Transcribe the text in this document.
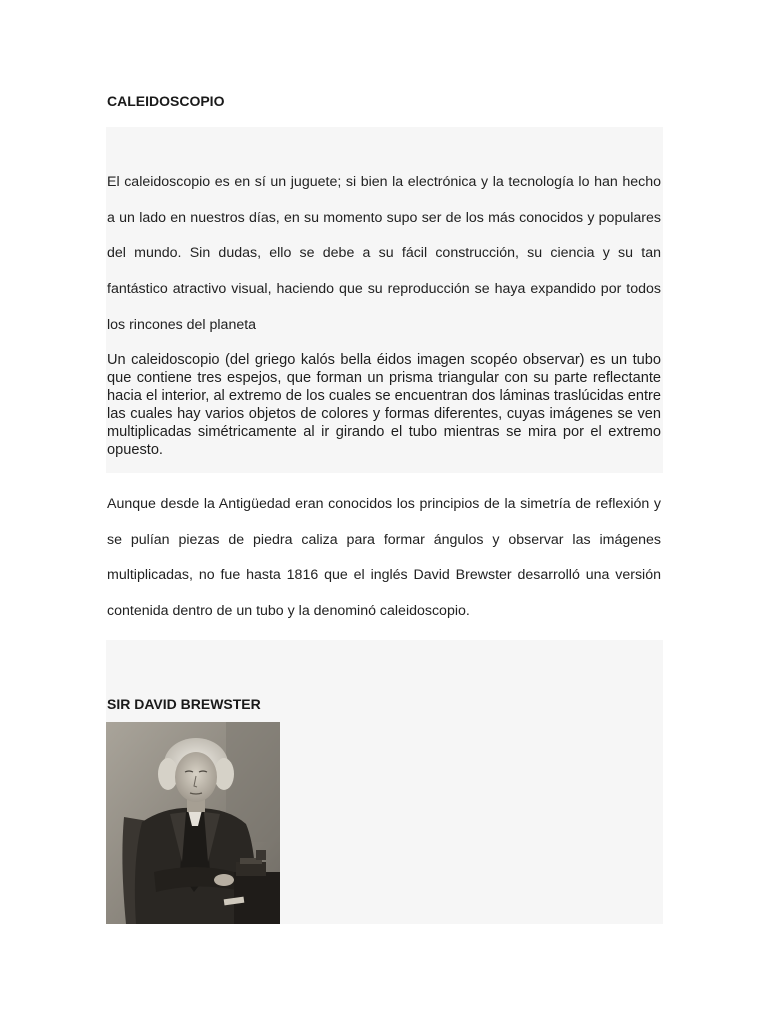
CALEIDOSCOPIO

El caleidoscopio es en sí un juguete; si bien la electrónica y la tecnología lo han hecho a un lado en nuestros días, en su momento supo ser de los más conocidos y populares del mundo. Sin dudas, ello se debe a su fácil construcción, su ciencia y su tan fantástico atractivo visual, haciendo que su reproducción se haya expandido por todos los rincones del planeta

Un caleidoscopio (del griego kalós bella éidos imagen scopéo observar) es un tubo que contiene tres espejos, que forman un prisma triangular con su parte reflectante hacia el interior, al extremo de los cuales se encuentran dos láminas traslúcidas entre las cuales hay varios objetos de colores y formas diferentes, cuyas imágenes se ven multiplicadas simétricamente al ir girando el tubo mientras se mira por el extremo opuesto.

Aunque desde la Antigüedad eran conocidos los principios de la simetría de reflexión y se pulían piezas de piedra caliza para formar ángulos y observar las imágenes multiplicadas, no fue hasta 1816 que el inglés David Brewster desarrolló una versión contenida dentro de un tubo y la denominó caleidoscopio.

SIR DAVID BREWSTER
